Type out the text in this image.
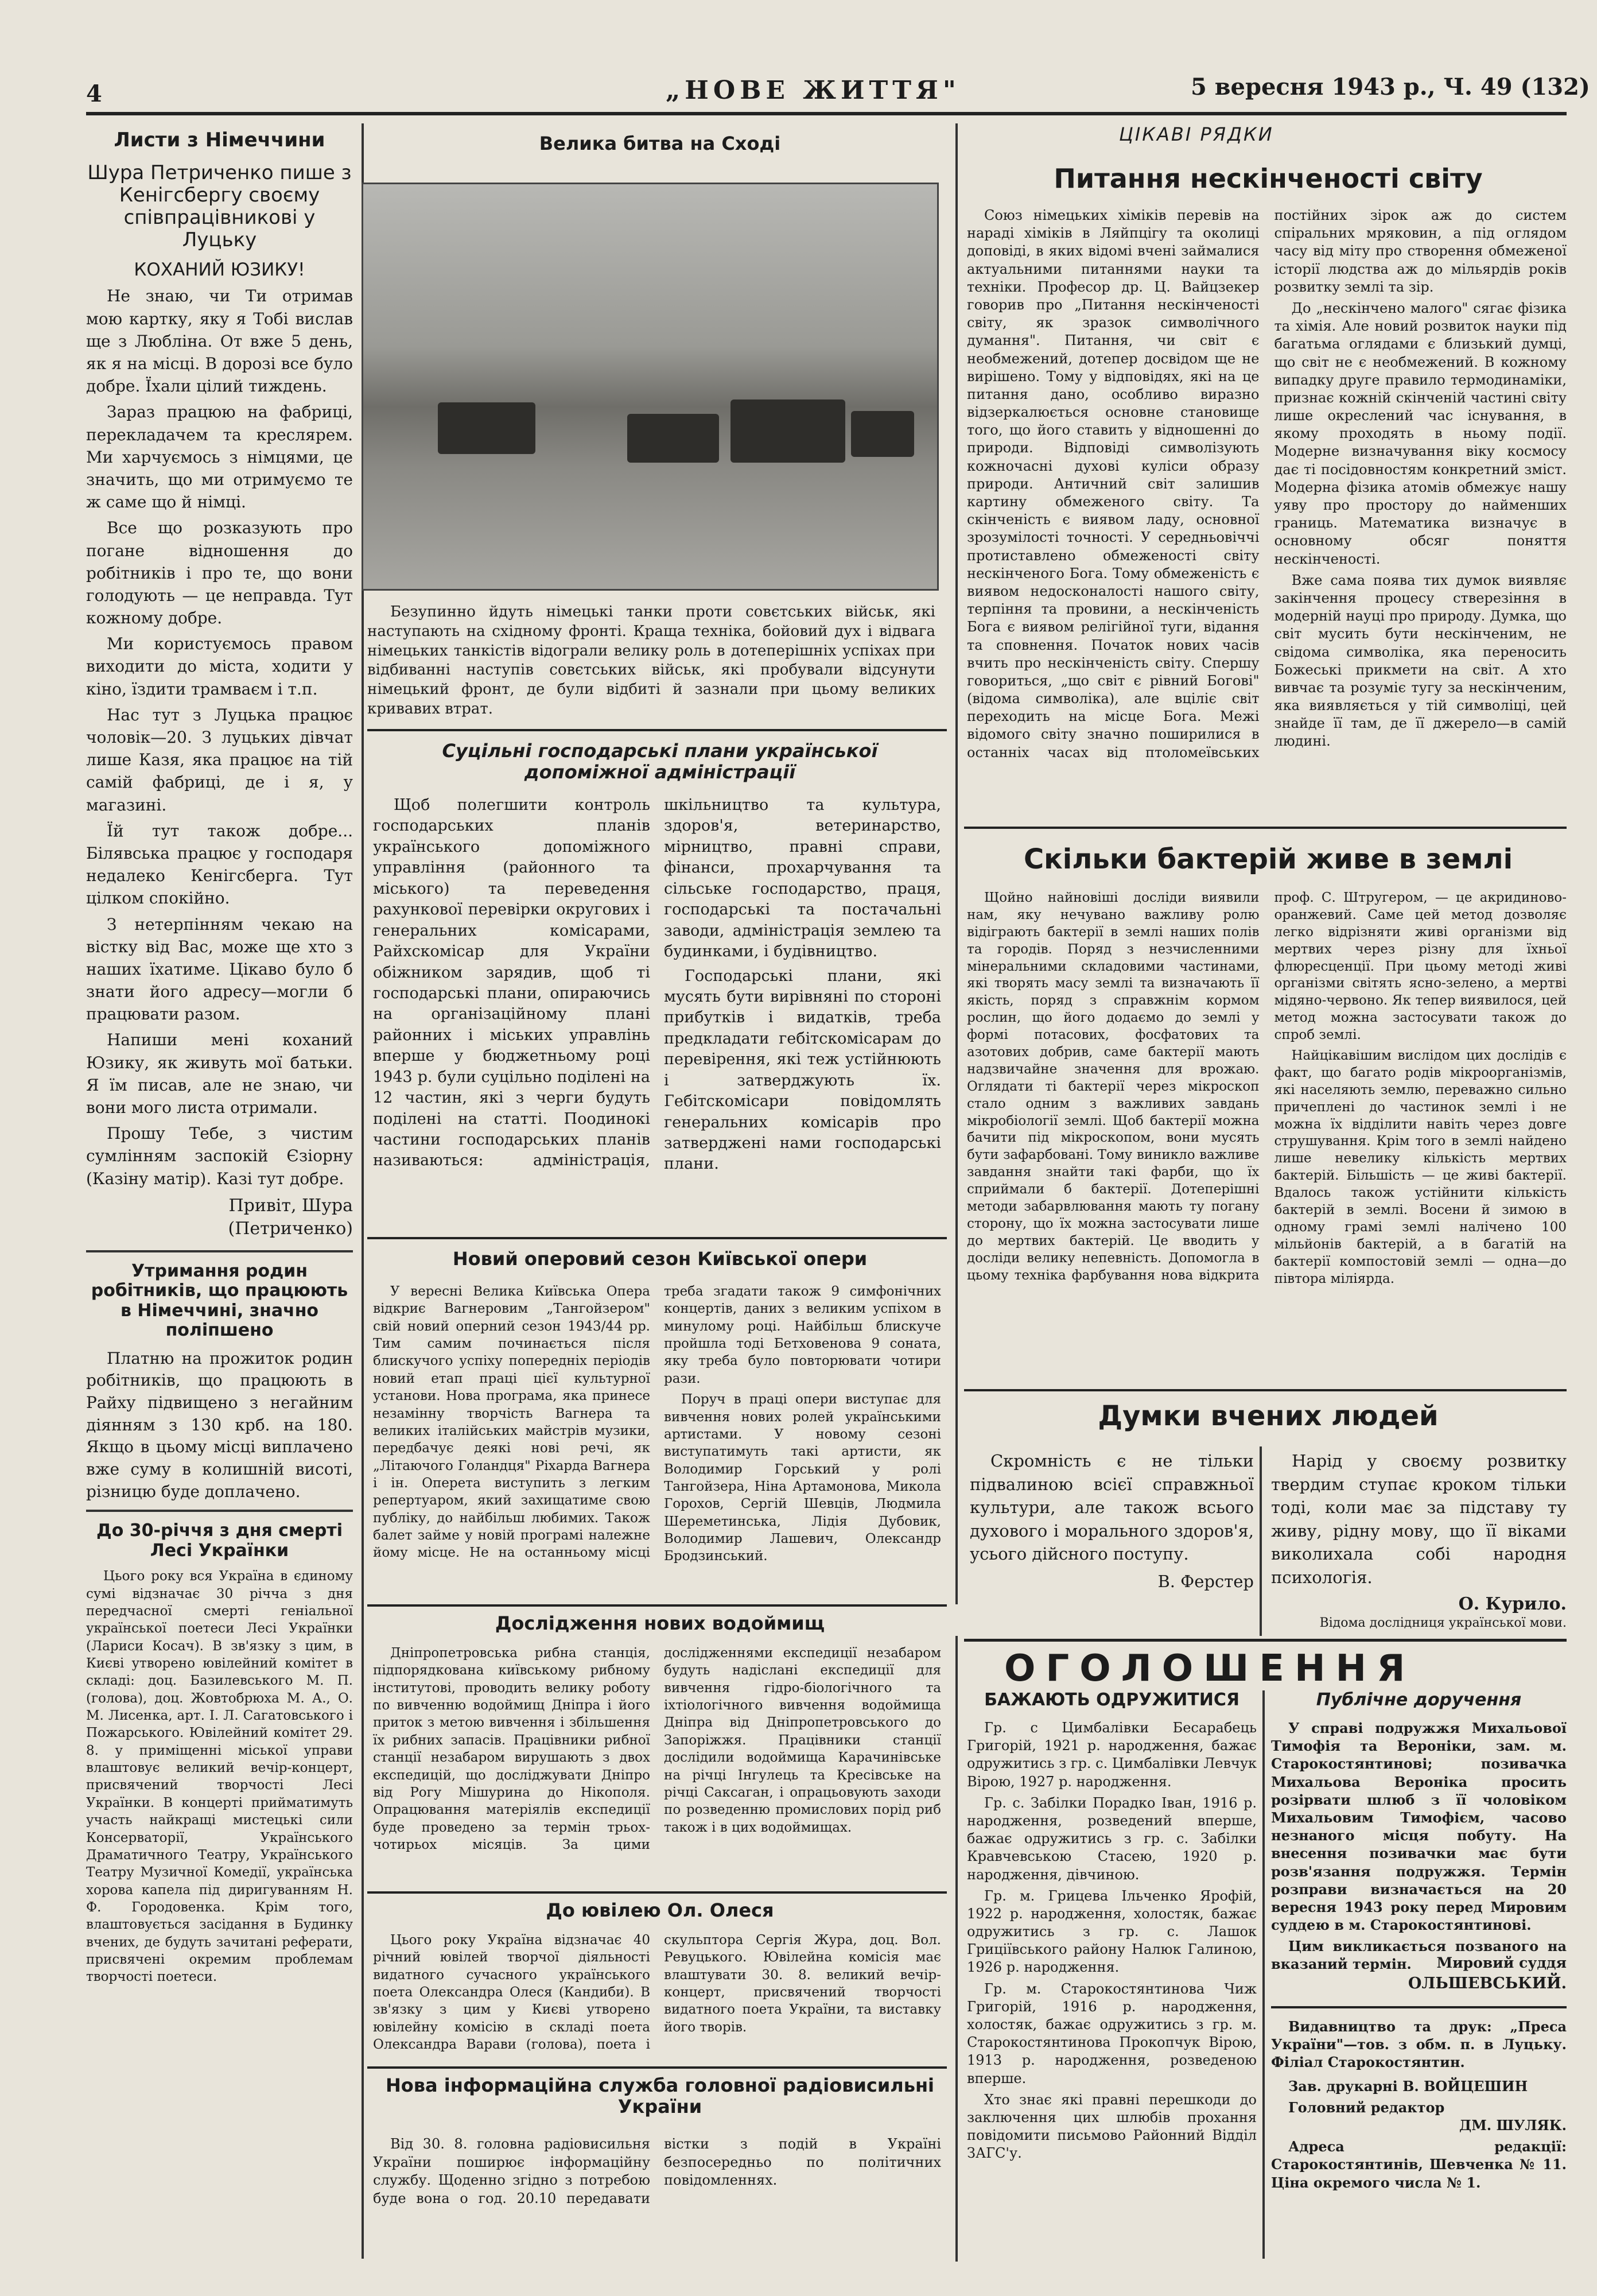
4	„НОВЕ ЖИТТЯ"	5 вересня 1943 р., Ч. 49 (132)
Листи з Німеччини
Шура Петриченко пише з Кенігсбергу своєму співпрацівникові у Луцьку
КОХАНИЙ ЮЗИКУ!

Не знаю, чи Ти отримав мою картку, яку я Тобі вислав ще з Любліна. От вже 5 день, як я на місці. В дорозі все було добре. Їхали цілий тиждень.

Зараз працюю на фабриці, перекладачем та креслярем. Ми харчуємось з німцями, це значить, що ми отримуємо те ж саме що й німці.

Все що розказують про погане відношення до робітників і про те, що вони голодують — це неправда. Тут кожному добре.

Ми користуємось правом виходити до міста, ходити у кіно, їздити трамваєм і т.п.

Нас тут з Луцька працює чоловік—20. З луцьких дівчат лише Казя, яка працює на тій самій фабриці, де і я, у магазині.

Їй тут також добре... Білявська працює у господаря недалеко Кенігсберга. Тут цілком спокійно.

З нетерпінням чекаю на вістку від Вас, може ще хто з наших їхатиме. Цікаво було б знати його адресу—могли б працювати разом.

Напиши мені коханий Юзику, як живуть мої батьки. Я їм писав, але не знаю, чи вони мого листа отримали.

Прошу Тебе, з чистим сумлінням заспокій Єзіорну (Казіну матір). Казі тут добре.

Привіт, Шура (Петриченко)
Утримання родин робітників, що працюють в Німеччині, значно поліпшено

Платню на прожиток родин робітників, що працюють в Райху підвищено з негайним діянням з 130 крб. на 180. Якщо в цьому місці виплачено вже суму в колишній висоті, різницю буде доплачено.

До 30-річчя з дня смерті Лесі Українки

Цього року вся Україна в єдиному сумі відзначає 30 річча з дня передчасної смерті геніальної української поетеси Лесі Українки (Лариси Косач). В зв'язку з цим, в Києві утворено ювілейний комітет в складі: доц. Базилевського М. П. (голова), доц. Жовтобрюха М. А., О. М. Лисенка, арт. І. Л. Сагатовського і Пожарського. Ювілейний комітет 29. 8. у приміщенні міської управи влаштовує великий вечір-концерт, присвячений творчості Лесі Українки. В концерті прийматимуть участь найкращі мистецькі сили Консерваторії, Українського Драматичного Театру, Українського Театру Музичної Комедії, українська хорова капела під диригуванням Н. Ф. Городовенка. Крім того, влаштовується засідання в Будинку вчених, де будуть зачитані реферати, присвячені окремим проблемам творчості поетеси.

Велика битва на Сході
Безупинно йдуть німецькі танки проти совєтських військ, які наступають на східному фронті. Краща техніка, бойовий дух і відвага німецьких танкістів відограли велику роль в дотеперішніх успіхах при відбиванні наступів совєтських військ, які пробували відсунути німецький фронт, де були відбиті й зазнали при цьому великих кривавих втрат.
Суцільні господарські плани української допоміжної адміністрації

Щоб полегшити контроль господарських планів українського допоміжного управління (районного та міського) та переведення рахункової перевірки округових і генеральних комісарами, Райхскомісар для України обіжником зарядив, щоб ті господарські плани, опираючись на організаційному плані районних і міських управлінь вперше у бюджетньому році 1943 р. були суцільно поділені на 12 частин, які з черги будуть поділені на статті. Поодинокі частини господарських планів називаються: адміністрація, шкільництво та культура, здоров'я, ветеринарство, мірництво, правні справи, фінанси, прохарчування та сільське господарство, праця, господарські та постачальні заводи, адміністрація землею та будинками, і будівництво.

Господарські плани, які мусять бути вирівняні по стороні прибутків і видатків, треба предкладати гебітскомісарам до перевірення, які теж устійнюють і затверджують їх. Гебітскомісари повідомлять генеральних комісарів про затверджені нами господарські плани.

Новий оперовий сезон Київської опери

У вересні Велика Київська Опера відкриє Вагнеровим „Тангойзером" свій новий оперний сезон 1943/44 рр. Тим самим починається після блискучого успіху попередніх періодів новий етап праці цієї культурної установи. Нова програма, яка принесе незамінну творчість Вагнера та великих італійських майстрів музики, передбачує деякі нові речі, як „Літаючого Голандця" Ріхарда Вагнера і ін. Оперета виступить з легким репертуаром, який захищатиме свою публіку, до найбільш любимих. Також балет займе у новій програмі належне йому місце. Не на останньому місці треба згадати також 9 симфонічних концертів, даних з великим успіхом в минулому році. Найбільш блискуче пройшла тоді Бетховенова 9 соната, яку треба було повторювати чотири рази.

Поруч в праці опери виступає для вивчення нових ролей українськими артистами. У новому сезоні виступатимуть такі артисти, як Володимир Горський у ролі Тангойзера, Ніна Артамонова, Микола Горохов, Сергій Шевців, Людмила Шереметинська, Лідія Дубовик, Володимир Лашевич, Олександр Бродзинський.

Дослідження нових водоймищ

Дніпропетровська рибна станція, підпорядкована київському рибному інститутові, проводить велику роботу по вивченню водоймищ Дніпра і його приток з метою вивчення і збільшення їх рибних запасів. Працівники рибної станції незабаром вирушають з двох експедицій, що досліджувати Дніпро від Рогу Мішурина до Нікополя. Опрацювання матеріялів експедиції буде проведено за термін трьох-чотирьох місяців. За цими дослідженнями експедиції незабаром будуть надіслані експедиції для вивчення гідро-біологічного та іхтіологічного вивчення водоймища Дніпра від Дніпропетровського до Запоріжжя. Працівники станції дослідили водоймища Карачинівське на річці Інгулець та Кресівське на річці Саксаган, і опрацьовують заходи по розведенню промислових порід риб також і в цих водоймищах.

До ювілею Ол. Олеся

Цього року Україна відзначає 40 річний ювілей творчої діяльності видатного сучасного українського поета Олександра Олеся (Кандиби). В зв'язку з цим у Києві утворено ювілейну комісію в складі поета Олександра Варави (голова), поета і скульптора Сергія Жура, доц. Вол. Ревуцького. Ювілейна комісія має влаштувати 30. 8. великий вечір-концерт, присвячений творчості видатного поета України, та виставку його творів.

Нова інформаційна служба головної радіовисильні України

Від 30. 8. головна радіовисильня України поширює інформаційну службу. Щоденно згідно з потребою буде вона о год. 20.10 передавати вістки з подій в Україні безпосередньо по політичних повідомленнях.

ЦІКАВІ РЯДКИ
Питання нескінченості світу

Союз німецьких хіміків перевів на нараді хіміків в Ляйпцігу та околиці доповіді, в яких відомі вчені займалися актуальними питаннями науки та техніки. Професор др. Ц. Вайцзекер говорив про „Питання нескінченості світу, як зразок символічного думання". Питання, чи світ є необмежений, дотепер досвідом ще не вирішено. Тому у відповідях, які на це питання дано, особливо виразно відзеркалюється основне становище того, що його ставить у відношенні до природи. Відповіді символізують кожночасні духові куліси образу природи. Античний світ залишив картину обмеженого світу. Та скінченість є виявом ладу, основної зрозумілості точності. У середньовіччі протиставлено обмеженості світу нескінченого Бога. Тому обмеженість є виявом недосконалості нашого світу, терпіння та провини, а нескінченість Бога є виявом релігійної туги, відання та сповнення. Початок нових часів вчить про нескінченість світу. Спершу говориться, „що світ є рівний Богові" (відома символіка), але вціліє світ переходить на місце Бога. Межі відомого світу значно поширилися в останніх часах від птоломеївських постійних зірок аж до систем спіральних мряковин, а під оглядом часу від міту про створення обмеженої історії людства аж до мільярдів років розвитку землі та зір.

До „нескінчено малого" сягає фізика та хімія. Але новий розвиток науки під багатьма оглядами є близький думці, що світ не є необмежений. В кожному випадку друге правило термодинаміки, признає кожній скінченій частині світу лише окреслений час існування, в якому проходять в ньому події. Модерне визначування віку космосу дає ті посідовностям конкретний зміст. Модерна фізика атомів обмежує нашу уяву про простору до найменших границь. Математика визначує в основному обсяг поняття нескінченості.

Вже сама поява тих думок виявляє закінчення процесу стверезіння в модерній науці про природу. Думка, що світ мусить бути нескінченим, не свідома символіка, яка переносить Божеські прикмети на світ. А хто вивчає та розуміє тугу за нескінченим, яка виявляється у тій символіці, цей знайде її там, де її джерело—в самій людині.

Скільки бактерій живе в землі

Щойно найновіші досліди виявили нам, яку нечувано важливу ролю відіграють бактерії в землі наших полів та городів. Поряд з незчисленними мінеральними складовими частинами, які творять масу землі та визначають її якість, поряд з справжнім кормом рослин, що його додаємо до землі у формі потасових, фосфатових та азотових добрив, саме бактерії мають надзвичайне значення для врожаю. Оглядати ті бактерії через мікроскоп стало одним з важливих завдань мікробіології землі. Щоб бактерії можна бачити під мікроскопом, вони мусять бути зафарбовані. Тому виникло важливе завдання знайти такі фарби, що їх сприймали б бактерії. Дотеперішні методи забарвлювання мають ту погану сторону, що їх можна застосувати лише до мертвих бактерій. Це вводить у досліди велику непевність. Допомогла в цьому техніка фарбування нова відкрита проф. С. Штругером, — це акридиново-оранжевий. Саме цей метод дозволяє легко відрізняти живі організми від мертвих через різну для їхньої флюресценції. При цьому методі живі організми світять ясно-зелено, а мертві мідяно-червоно. Як тепер виявилося, цей метод можна застосувати також до спроб землі.

Найцікавішим вислідом цих дослідів є факт, що багато родів мікроорганізмів, які населяють землю, переважно сильно причеплені до частинок землі і не можна їх відділити навіть через довге струшування. Крім того в землі найдено лише невелику кількість мертвих бактерій. Більшість — це живі бактерії. Вдалось також устійнити кількість бактерій в землі. Восени й зимою в одному грамі землі налічено 100 мільйонів бактерій, а в багатій на бактерії компостовій землі — одна—до півтора міліярда.

Думки вчених людей
Скромність є не тільки підвалиною всієї справжньої культури, але також всього духового і морального здоров'я, усього дійсного поступу.
В. Ферстер
Нарід у своєму розвитку твердим ступає кроком тільки тоді, коли має за підставу ту живу, рідну мову, що її віками виколихала собі народня психологія.
О. Курило.
Відома дослідниця української мови.
ОГОЛОШЕННЯ
БАЖАЮТЬ ОДРУЖИТИСЯ

Гр. с Цимбалівки Бесарабець Григорій, 1921 р. народження, бажає одружитись з гр. с. Цимбалівки Левчук Вірою, 1927 р. народження.

Гр. с. Забілки Порадко Іван, 1916 р. народження, розведений вперше, бажає одружитись з гр. с. Забілки Кравчевською Стасею, 1920 р. народження, дівчиною.

Гр. м. Грицева Ільченко Ярофій, 1922 р. народження, холостяк, бажає одружитись з гр. с. Лашок Гриціївського району Налюк Галиною, 1926 р. народження.

Гр. м. Старокостянтинова Чиж Григорій, 1916 р. народження, холостяк, бажає одружитись з гр. м. Старокостянтинова Прокопчук Вірою, 1913 р. народження, розведеною вперше.

Хто знає які правні перешкоди до заключення цих шлюбів прохання повідомити письмово Районний Відділ ЗАГС'у.

Публічне доручення

У справі подружжя Михальової Тимофія та Вероніки, зам. м. Старокостянтинові; позивачка Михальова Вероніка просить розірвати шлюб з її чоловіком Михальовим Тимофієм, часово незнаного місця побуту. На внесення позивачки має бути розв'язання подружжя. Термін розправи визначається на 20 вересня 1943 року перед Мировим суддею в м. Старокостянтинові.

Цим викликається позваного на вказаний термін.	Мировий суддя
ОЛЬШЕВСЬКИЙ.

Видавництво та друк: „Преса України"—тов. з обм. п. в Луцьку. Філіал Старокостянтин.

Зав. друкарні В. ВОЙЦЕШИН

Головний редактор

ДМ. ШУЛЯК.

Адреса редакції: Старокостянтинів, Шевченка № 11. Ціна окремого числа № 1.
